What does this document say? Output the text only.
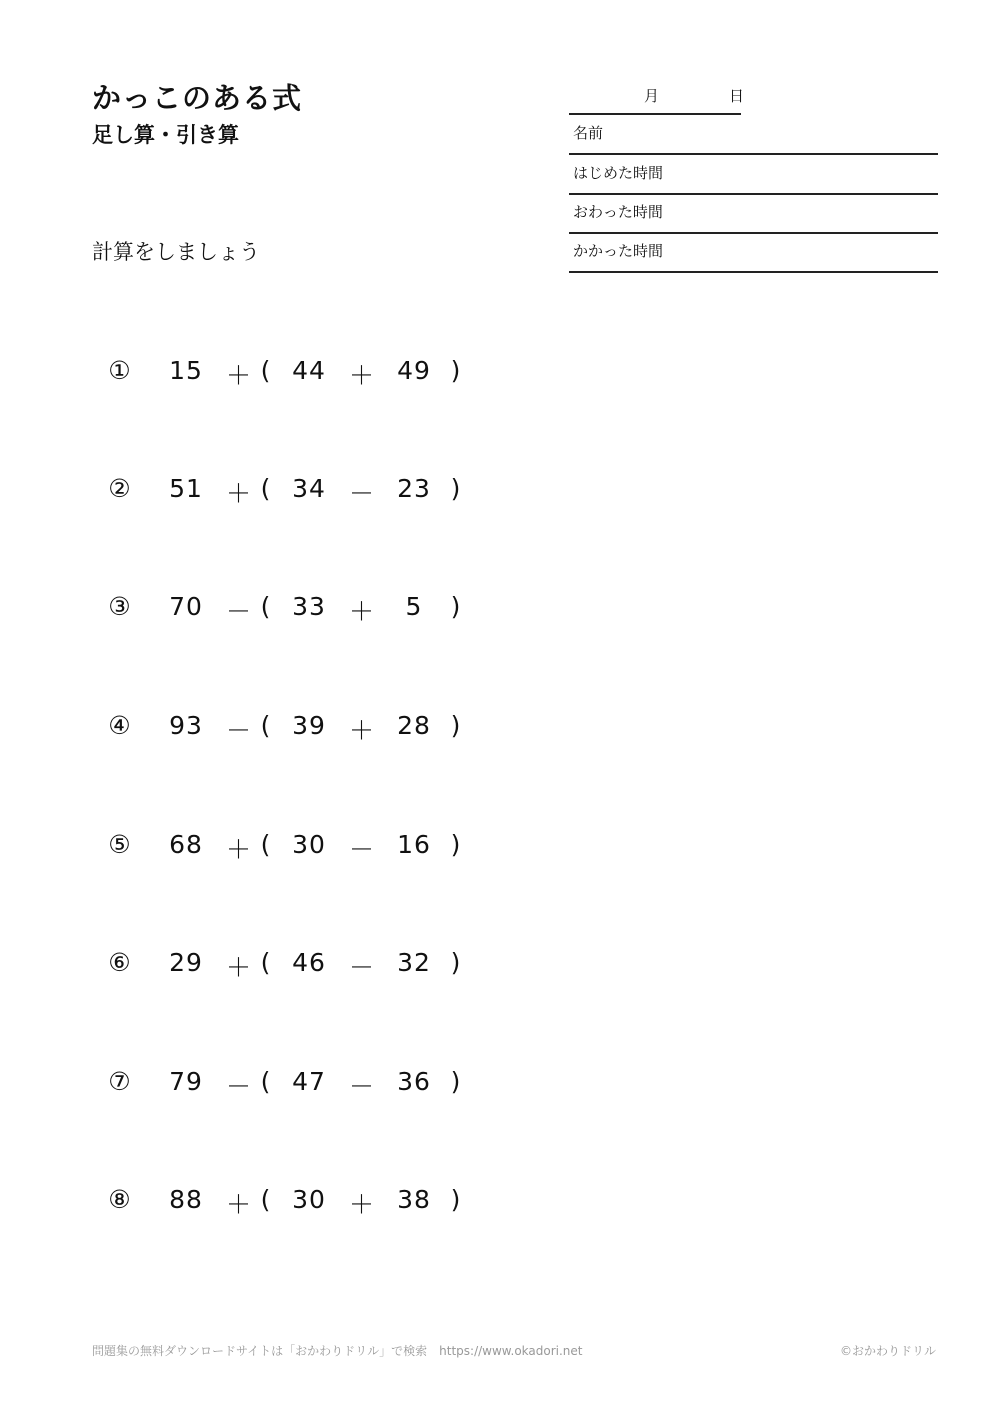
かっこのある式
足し算・引き算
計算をしましょう
月	日
名前
はじめた時間
おわった時間
かかった時間
①	15 ＋ ( 44 ＋ 49 )
②	51 ＋ ( 34 － 23 )
③	70 － ( 33 ＋	5	)
④	93 － ( 39 ＋ 28 )
⑤	68 ＋ ( 30 － 16 )
⑥	29 ＋ ( 46 － 32 )
⑦	79 － ( 47 － 36 )
⑧	88 ＋ ( 30 ＋ 38 )
問題集の無料ダウンロードサイトは「おかわりドリル」で検索　https://www.okadori.net	©おかわりドリル
